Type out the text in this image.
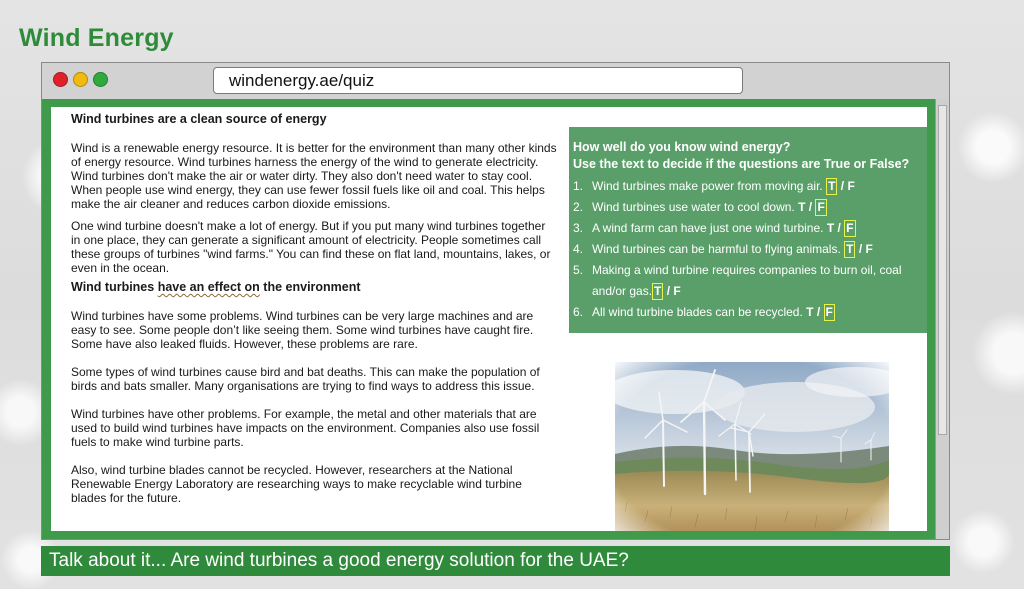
Wind Energy
windenergy.ae/quiz
Wind turbines are a clean source of energy

Wind is a renewable energy resource. It is better for the environment than many other kinds of energy resource. Wind turbines harness the energy of the wind to generate electricity. Wind turbines don't make the air or water dirty. They also don't need water to stay cool. When people use wind energy, they can use fewer fossil fuels like oil and coal. This helps make the air cleaner and reduces carbon dioxide emissions.

One wind turbine doesn't make a lot of energy. But if you put many wind turbines together in one place, they can generate a significant amount of electricity. People sometimes call these groups of turbines "wind farms." You can find these on flat land, mountains, lakes, or even in the ocean.

Wind turbines have an effect on the environment

Wind turbines have some problems. Wind turbines can be very large machines and are easy to see. Some people don’t like seeing them. Some wind turbines have caught fire. Some have also leaked fluids. However, these problems are rare.

Some types of wind turbines cause bird and bat deaths. This can make the population of birds and bats smaller. Many organisations are trying to find ways to address this issue.

Wind turbines have other problems. For example, the metal and other materials that are used to build wind turbines have impacts on the environment. Companies also use fossil fuels to make wind turbine parts.

Also, wind turbine blades cannot be recycled. However, researchers at the National Renewable Energy Laboratory are researching ways to make recyclable wind turbine blades for the future.

How well do you know wind energy?

Use the text to decide if the questions are True or False?

1. Wind turbines make power from moving air. T / F
2. Wind turbines use water to cool down. T / F
3. A wind farm can have just one wind turbine. T / F
4. Wind turbines can be harmful to flying animals. T / F
5. Making a wind turbine requires companies to burn oil, coal
and/or gas. T / F
6. All wind turbine blades can be recycled. T / F
Talk about it... Are wind turbines a good energy solution for the UAE?
